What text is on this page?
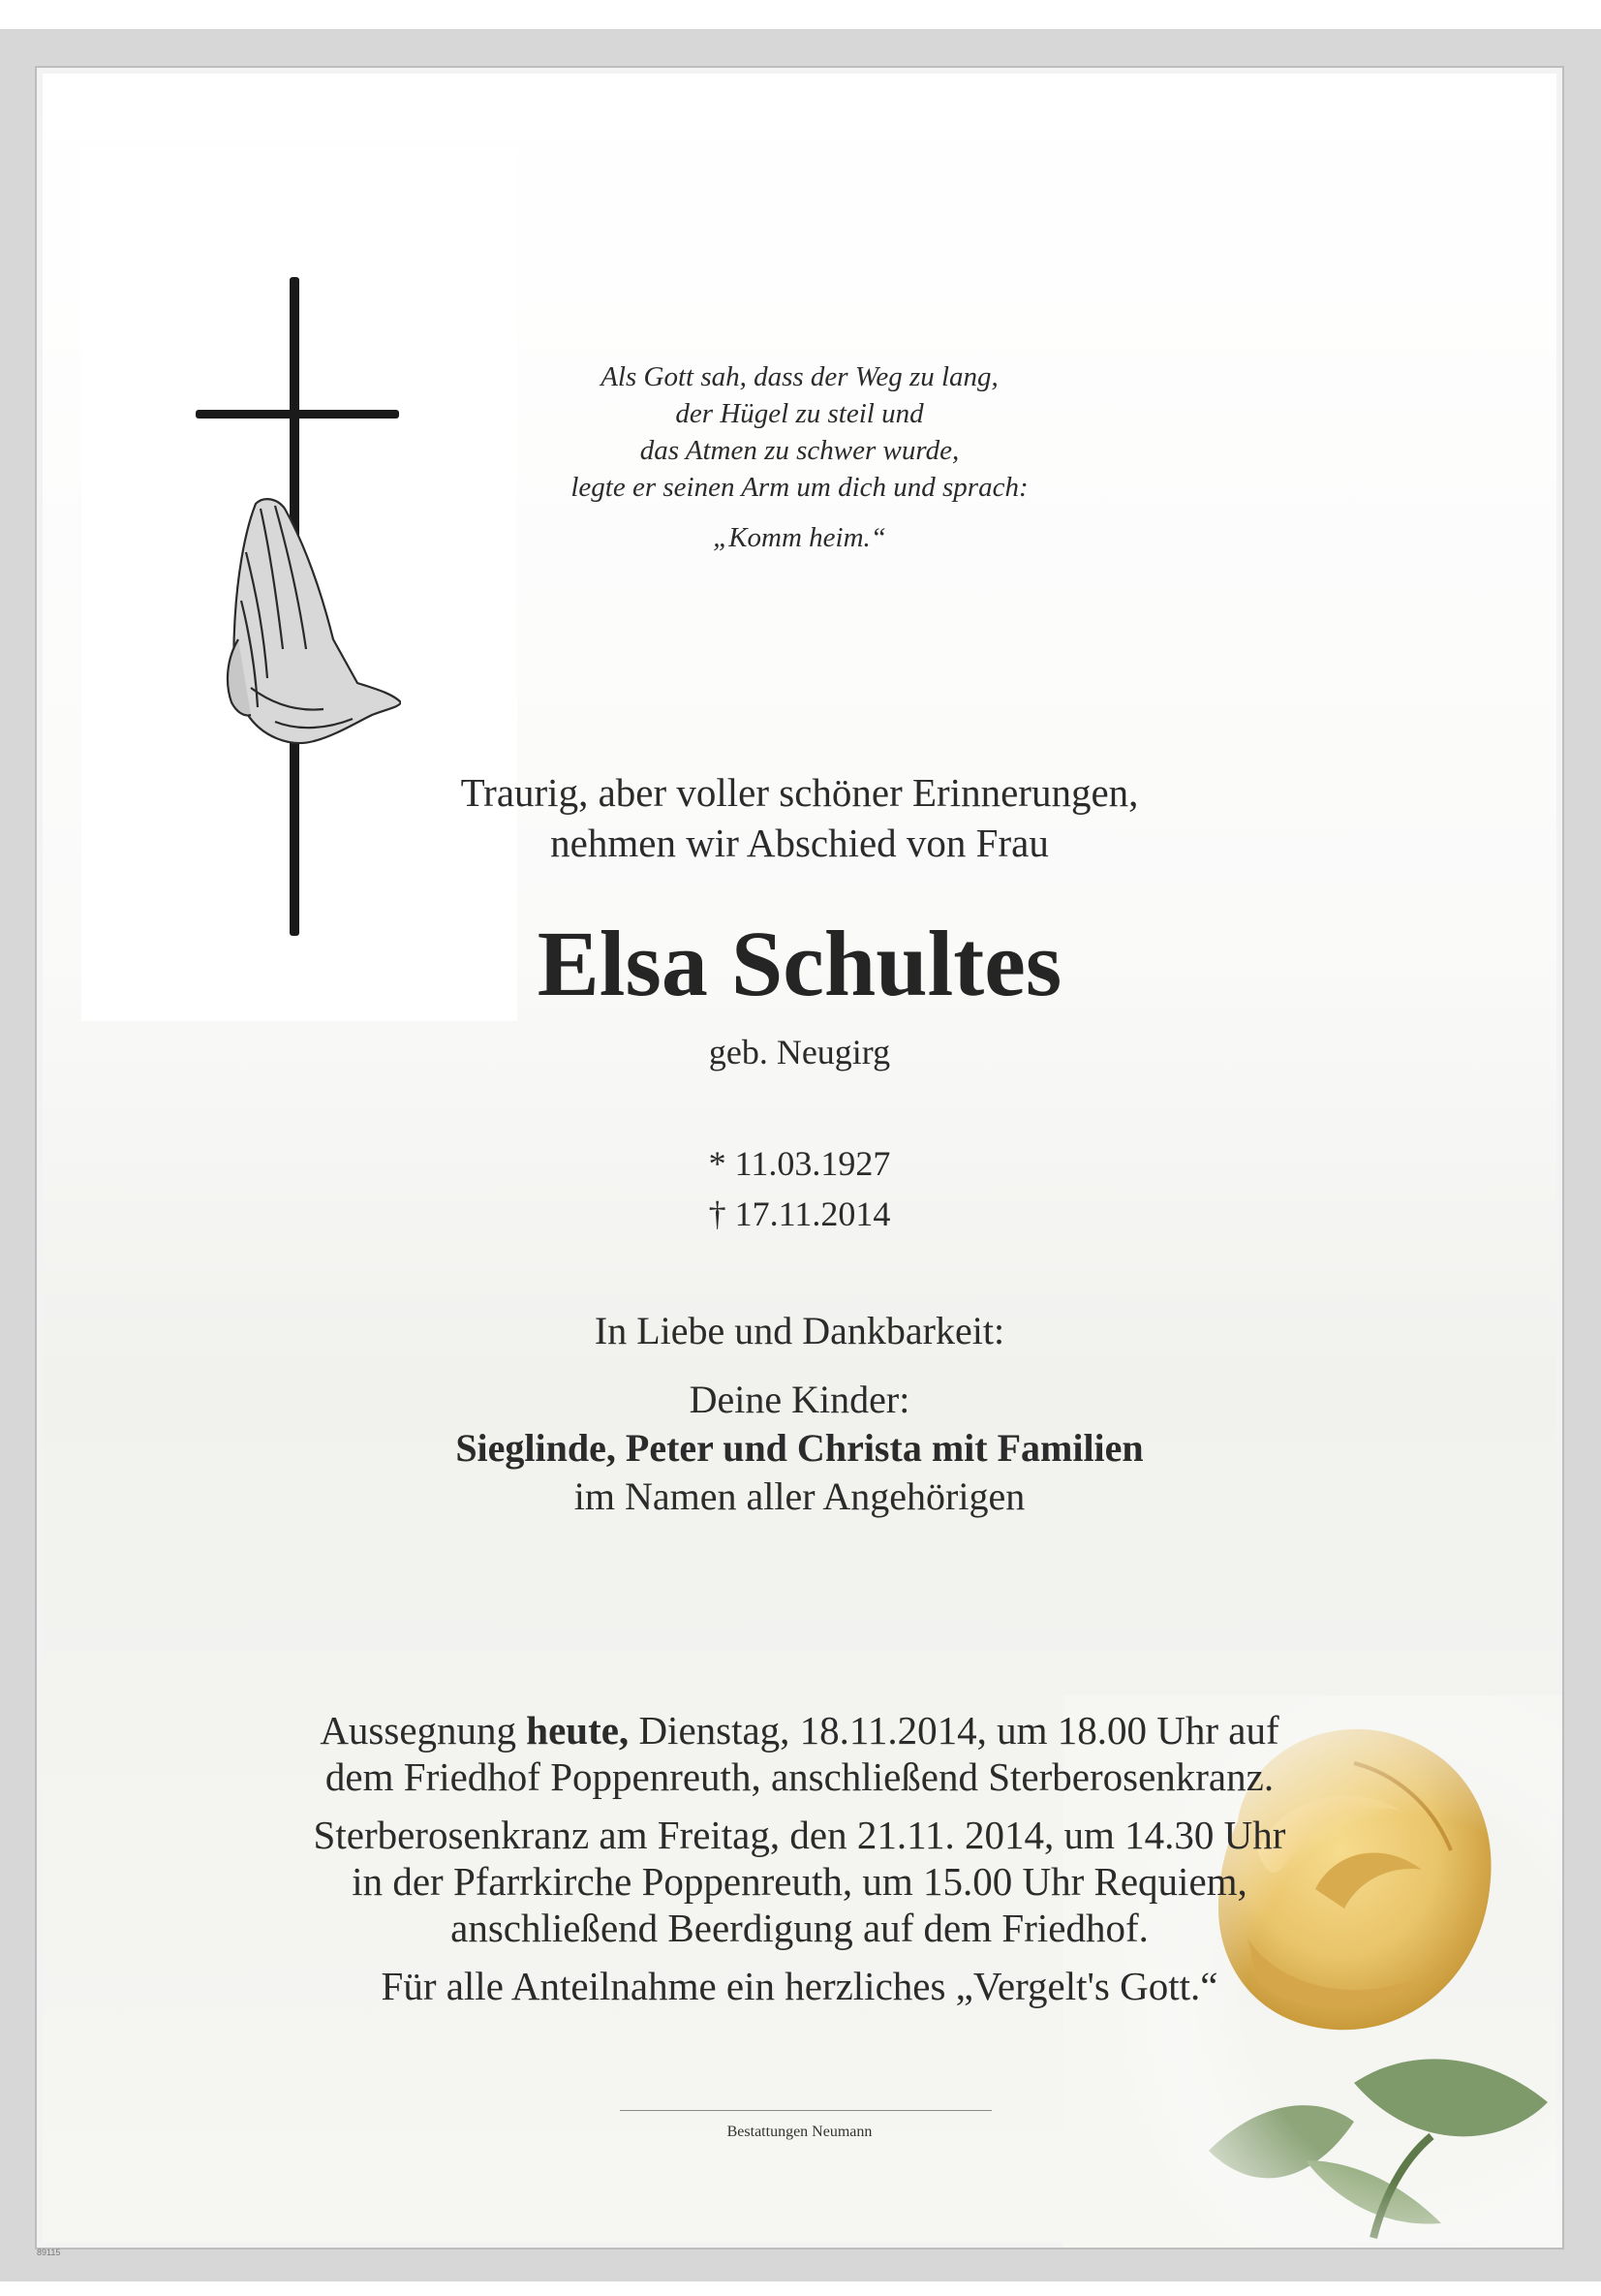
Als Gott sah, dass der Weg zu lang,
der Hügel zu steil und
das Atmen zu schwer wurde,
legte er seinen Arm um dich und sprach:
„Komm heim.“
Traurig, aber voller schöner Erinnerungen,
nehmen wir Abschied von Frau
Elsa Schultes
geb. Neugirg
* 11.03.1927
† 17.11.2014
In Liebe und Dankbarkeit:
Deine Kinder:
Sieglinde, Peter und Christa mit Familien
im Namen aller Angehörigen

Aussegnung heute, Dienstag, 18.11.2014, um 18.00 Uhr auf
dem Friedhof Poppenreuth, anschließend Sterberosenkranz.

Sterberosenkranz am Freitag, den 21.11. 2014, um 14.30 Uhr
in der Pfarrkirche Poppenreuth, um 15.00 Uhr Requiem,
anschließend Beerdigung auf dem Friedhof.

Für alle Anteilnahme ein herzliches „Vergelt's Gott.“

Bestattungen Neumann
89115
